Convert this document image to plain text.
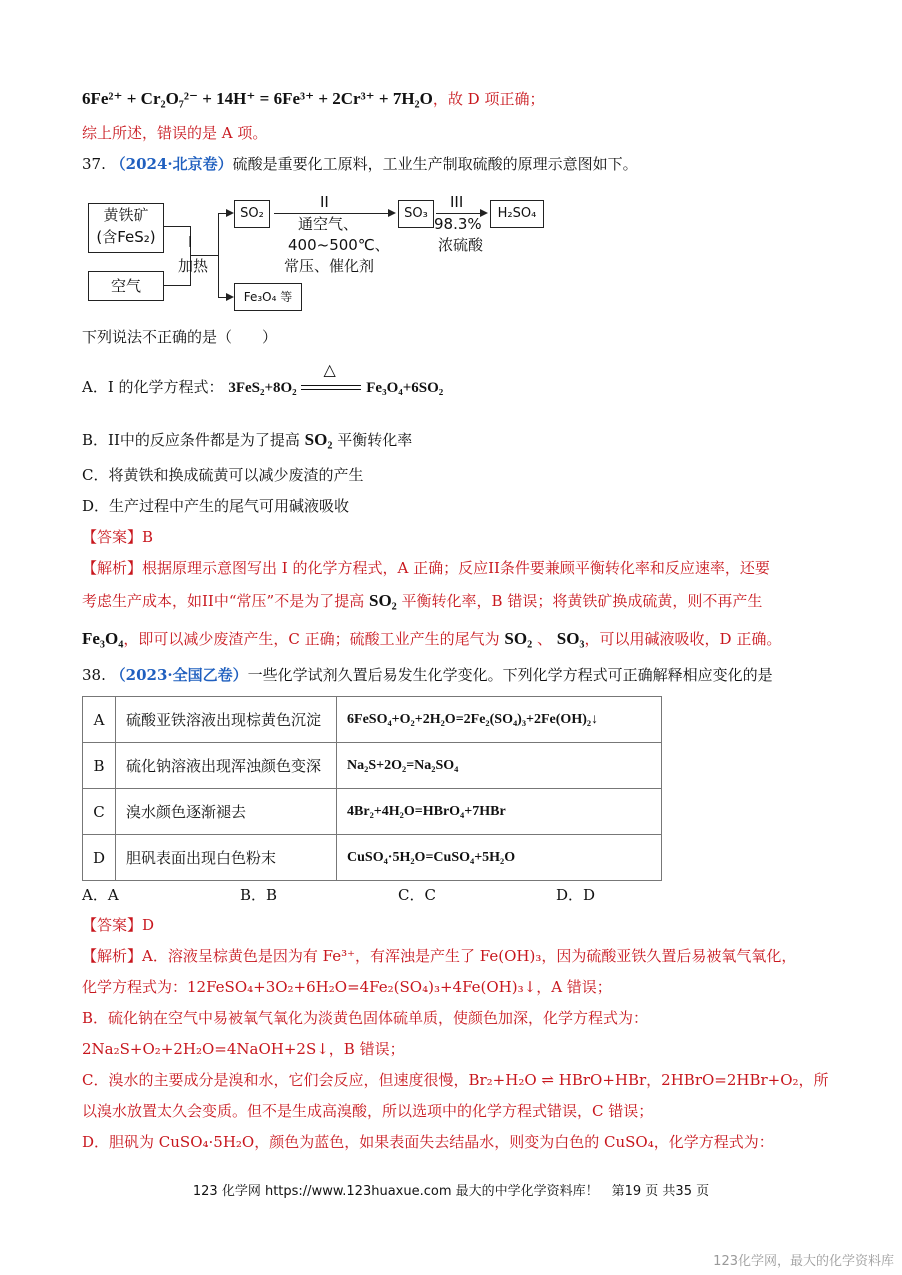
6Fe²⁺ + Cr₂O₇²⁻ + 14H⁺ = 6Fe³⁺ + 2Cr³⁺ + 7H₂O，故 D 项正确；
综上所述，错误的是 A 项。
37. （2024·北京卷）硫酸是重要化工原料，工业生产制取硫酸的原理示意图如下。
黄铁矿
(含FeS₂)
空气
I
加热
SO₂
Fe₃O₄ 等
II
通空气、
400~500℃、
常压、催化剂
SO₃
III
98.3%
浓硫酸
H₂SO₄
下列说法不正确的是（　　）
A．I 的化学方程式： 3FeS₂+8O₂
△
Fe₃O₄+6SO₂
B．II中的反应条件都是为了提高 SO₂ 平衡转化率
C．将黄铁和换成硫黄可以减少废渣的产生
D．生产过程中产生的尾气可用碱液吸收
【答案】B
【解析】根据原理示意图写出 I 的化学方程式，A 正确；反应II条件要兼顾平衡转化率和反应速率，还要
考虑生产成本，如II中“常压”不是为了提高 SO₂ 平衡转化率，B 错误；将黄铁矿换成硫黄，则不再产生
Fe₃O₄，即可以减少废渣产生，C 正确；硫酸工业产生的尾气为 SO₂ 、 SO₃，可以用碱液吸收，D 正确。
38. （2023·全国乙卷）一些化学试剂久置后易发生化学变化。下列化学方程式可正确解释相应变化的是
A	硫酸亚铁溶液出现棕黄色沉淀	6FeSO₄+O₂+2H₂O=2Fe₂(SO₄)₃+2Fe(OH)₂↓
B	硫化钠溶液出现浑浊颜色变深	Na₂S+2O₂=Na₂SO₄
C	溴水颜色逐渐褪去	4Br₂+4H₂O=HBrO₄+7HBr
D	胆矾表面出现白色粉末	CuSO₄·5H₂O=CuSO₄+5H₂O
A．A	B．B	C．C	D．D
【答案】D
【解析】A．溶液呈棕黄色是因为有 Fe³⁺，有浑浊是产生了 Fe(OH)₃，因为硫酸亚铁久置后易被氧气氧化，
化学方程式为：12FeSO₄+3O₂+6H₂O=4Fe₂(SO₄)₃+4Fe(OH)₃↓，A 错误；
B．硫化钠在空气中易被氧气氧化为淡黄色固体硫单质，使颜色加深，化学方程式为：
2Na₂S+O₂+2H₂O=4NaOH+2S↓，B 错误；
C．溴水的主要成分是溴和水，它们会反应，但速度很慢，Br₂+H₂O ⇌ HBrO+HBr，2HBrO=2HBr+O₂，所
以溴水放置太久会变质。但不是生成高溴酸，所以选项中的化学方程式错误，C 错误；
D．胆矾为 CuSO₄·5H₂O，颜色为蓝色，如果表面失去结晶水，则变为白色的 CuSO₄，化学方程式为：
123 化学网 https://www.123huaxue.com 最大的中学化学资料库！　第19 页 共35 页
123化学网，最大的化学资料库
